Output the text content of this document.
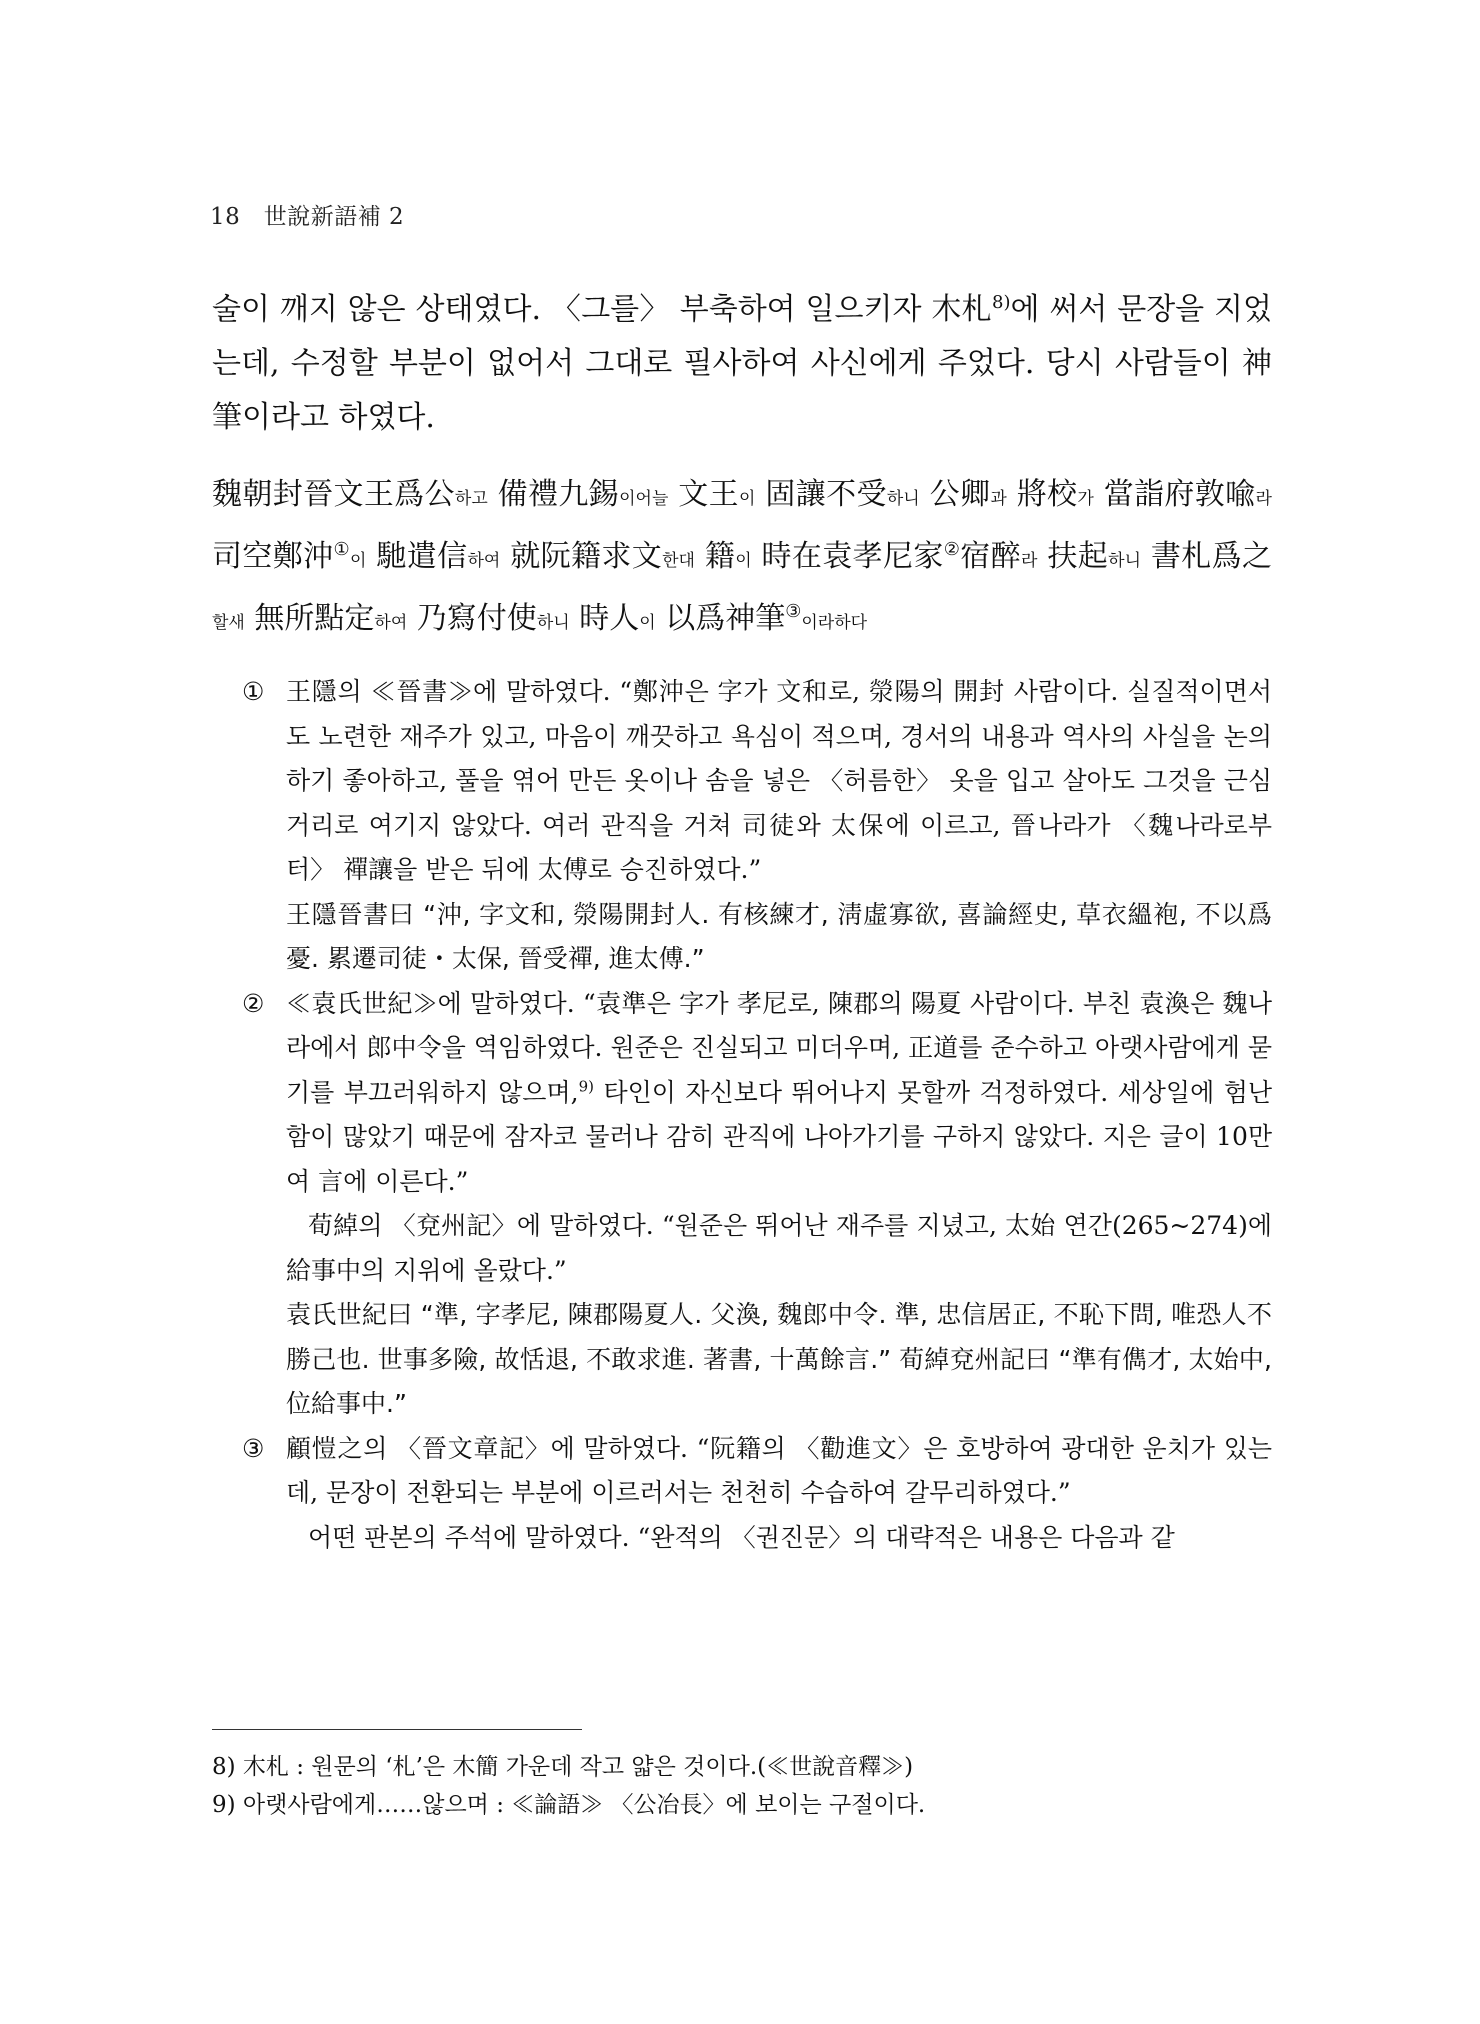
18 世說新語補 2

술이 깨지 않은 상태였다. 〈그를〉 부축하여 일으키자 木札$^{8)}$에 써서 문장을 지었는데, 수정할 부분이 없어서 그대로 필사하여 사신에게 주었다. 당시 사람들이 神筆이라고 하였다.

魏朝封晉文王爲公하고 備禮九錫이어늘 文王이 固讓不受하니 公卿과 將校가 當詣府敦喩라 司空鄭沖①이 馳遣信하여 就阮籍求文한대 籍이 時在袁孝尼家②宿醉라 扶起하니 書札爲之할새 無所點定하여 乃寫付使하니 時人이 以爲神筆③이라하다

① 王隱의 ≪晉書≫에 말하였다. “鄭沖은 字가 文和로, 滎陽의 開封 사람이다. 실질적이면서도 노련한 재주가 있고, 마음이 깨끗하고 욕심이 적으며, 경서의 내용과 역사의 사실을 논의하기 좋아하고, 풀을 엮어 만든 옷이나 솜을 넣은 〈허름한〉 옷을 입고 살아도 그것을 근심거리로 여기지 않았다. 여러 관직을 거쳐 司徒와 太保에 이르고, 晉나라가 〈魏나라로부터〉 禪讓을 받은 뒤에 太傅로 승진하였다.”

王隱晉書曰 “沖, 字文和, 滎陽開封人. 有核練才, 淸虛寡欲, 喜論經史, 草衣縕袍, 不以爲憂. 累遷司徒・太保, 晉受禪, 進太傅.”

② ≪袁氏世紀≫에 말하였다. “袁準은 字가 孝尼로, 陳郡의 陽夏 사람이다. 부친 袁渙은 魏나라에서 郎中令을 역임하였다. 원준은 진실되고 미더우며, 正道를 준수하고 아랫사람에게 묻기를 부끄러워하지 않으며,$^{9)}$ 타인이 자신보다 뛰어나지 못할까 걱정하였다. 세상일에 험난함이 많았기 때문에 잠자코 물러나 감히 관직에 나아가기를 구하지 않았다. 지은 글이 10만여 言에 이른다.”

荀綽의 〈兗州記〉에 말하였다. “원준은 뛰어난 재주를 지녔고, 太始 연간(265~274)에 給事中의 지위에 올랐다.”

袁氏世紀曰 “準, 字孝尼, 陳郡陽夏人. 父渙, 魏郎中令. 準, 忠信居正, 不恥下問, 唯恐人不勝己也. 世事多險, 故恬退, 不敢求進. 著書, 十萬餘言.” 荀綽兗州記曰 “準有儁才, 太始中, 位給事中.”

③ 顧愷之의 〈晉文章記〉에 말하였다. “阮籍의 〈勸進文〉은 호방하여 광대한 운치가 있는데, 문장이 전환되는 부분에 이르러서는 천천히 수습하여 갈무리하였다.”

어떤 판본의 주석에 말하였다. “완적의 〈권진문〉의 대략적은 내용은 다음과 같

8) 木札 : 원문의 ‘札’은 木簡 가운데 작고 얇은 것이다.(≪世說音釋≫)
9) 아랫사람에게……않으며 : ≪論語≫ 〈公冶長〉에 보이는 구절이다.
